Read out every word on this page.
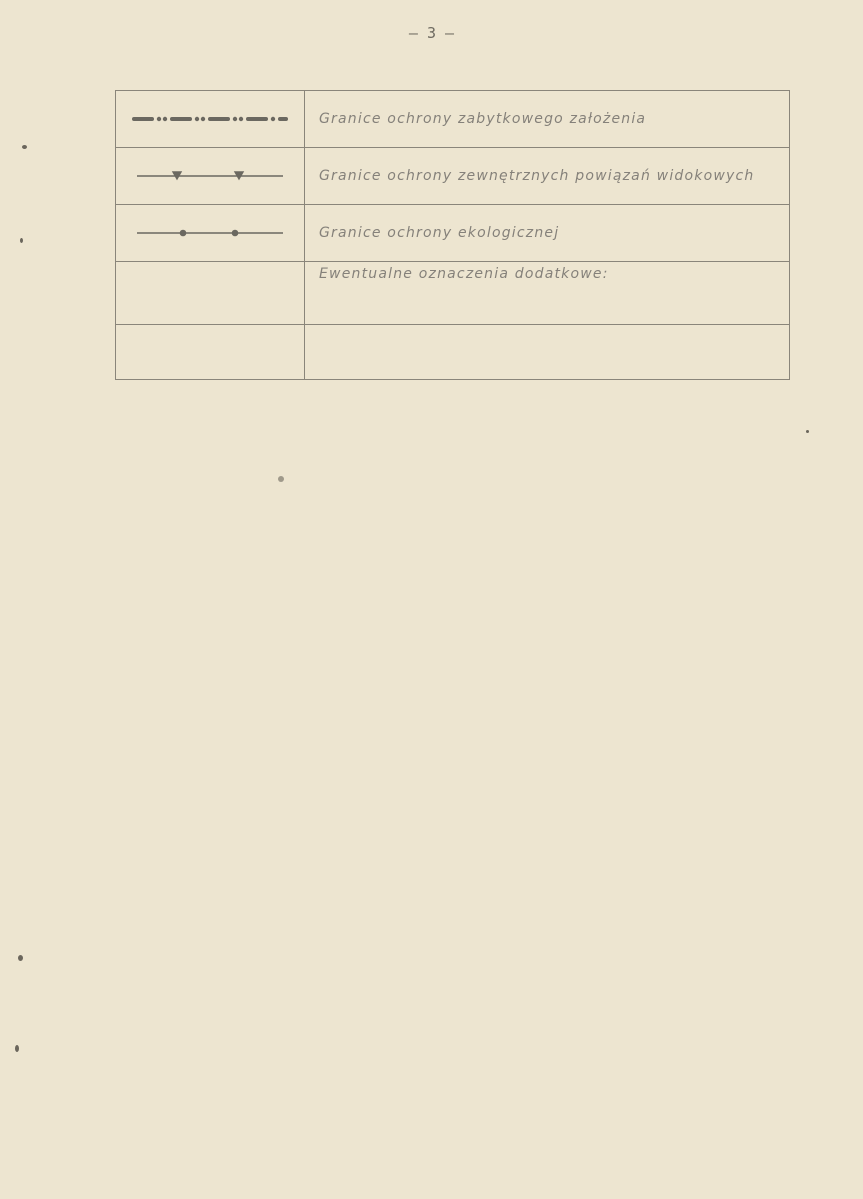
– 3 –
	Granice ochrony zabytkowego założenia

	Granice ochrony zewnętrznych powiązań widokowych

	Granice ochrony ekologicznej
	Ewentualne oznaczenia dodatkowe:
